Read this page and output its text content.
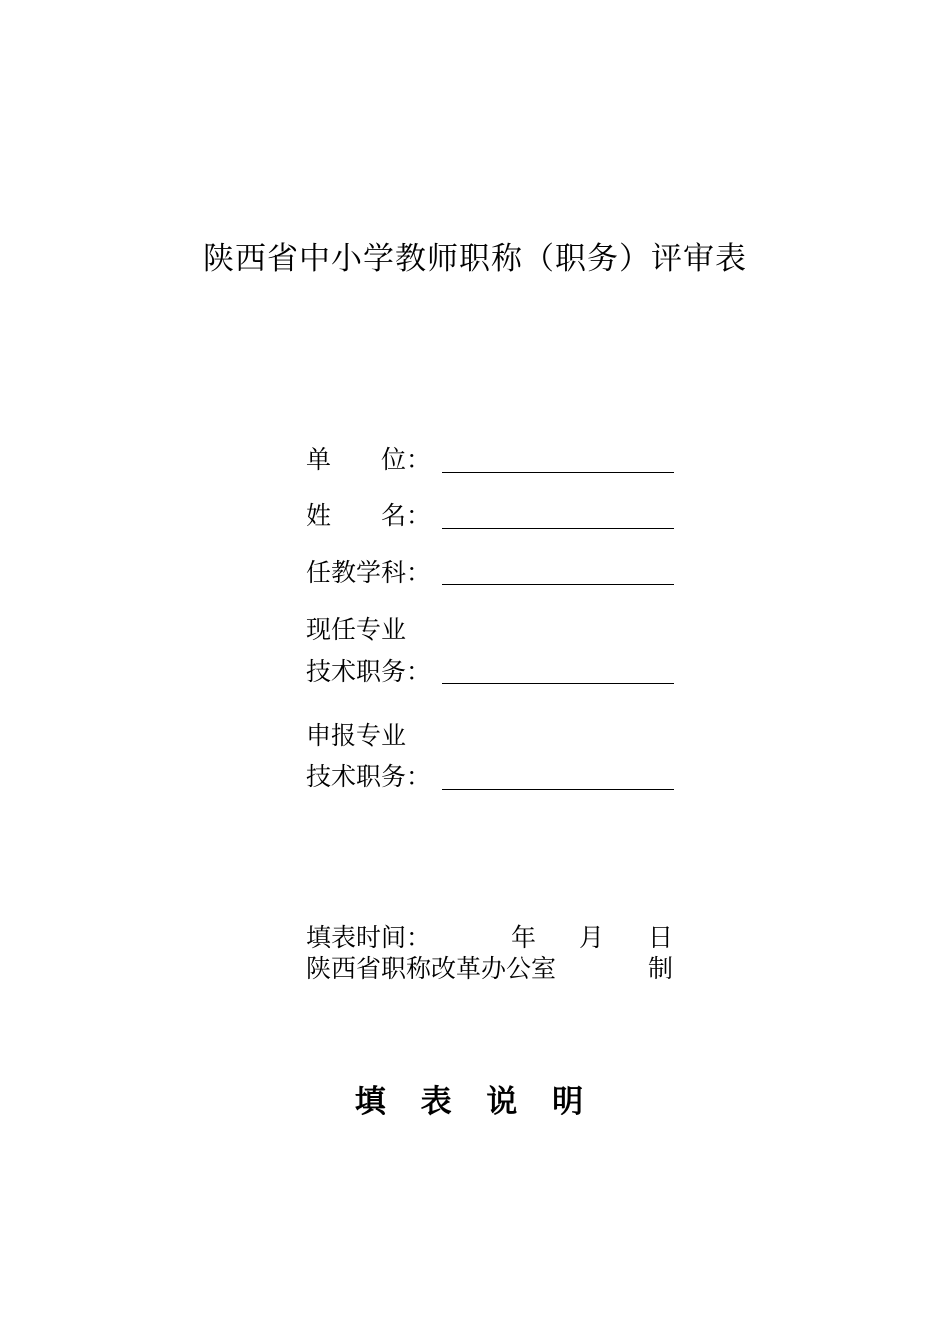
陕西省中小学教师职称（职务）评审表
单　　位：
姓　　名：
任教学科：
现任专业
技术职务：
申报专业
技术职务：
填表时间：	年 月 日
陕西省职称改革办公室	制
填 表 说 明
